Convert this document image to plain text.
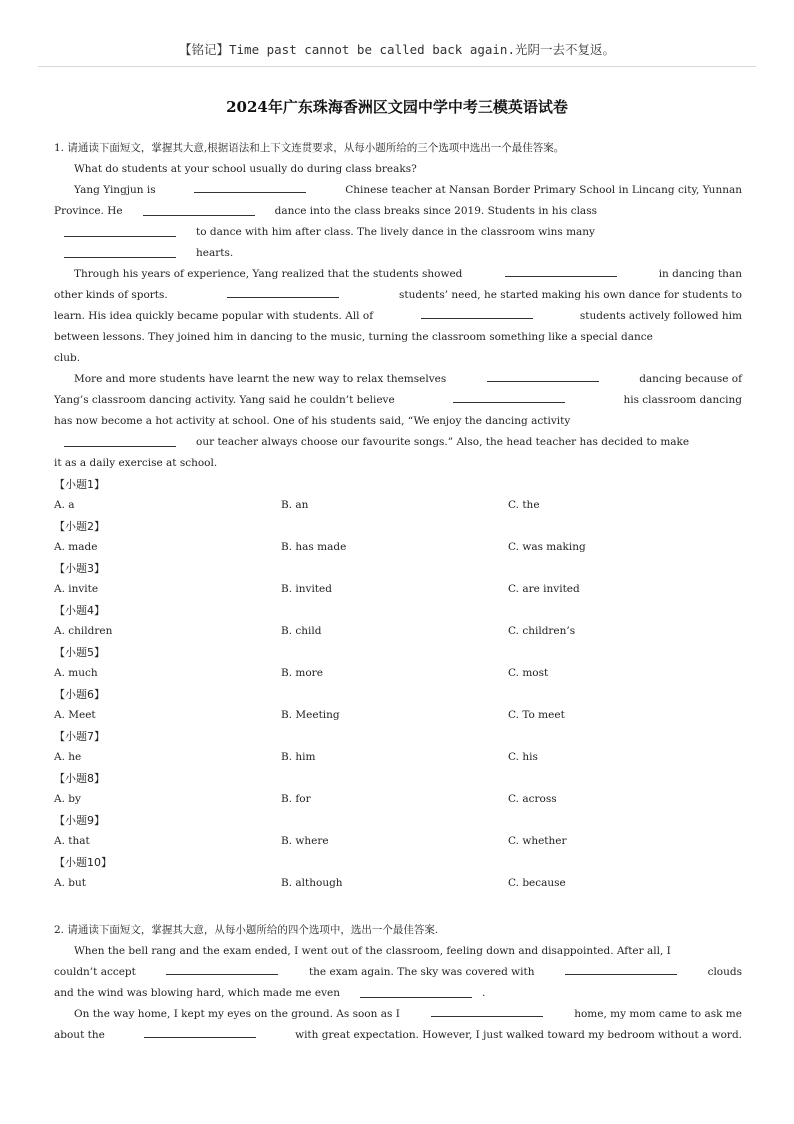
【铭记】Time past cannot be called back again.光阴一去不复返。
2024年广东珠海香洲区文园中学中考三模英语试卷
1. 请通读下面短文，掌握其大意,根据语法和上下文连贯要求，从每小题所给的三个选项中选出一个最佳答案。
What do students at your school usually do during class breaks?
Yang Yingjun is	Chinese teacher at Nansan Border Primary School in Lincang city, Yunnan
Province. He	dance into the class breaks since 2019. Students in his class
to dance with him after class. The lively dance in the classroom wins many
hearts.
Through his years of experience, Yang realized that the students showed	in dancing than
other kinds of sports.	students’ need, he started making his own dance for students to
learn. His idea quickly became popular with students. All of	students actively followed him
between lessons. They joined him in dancing to the music, turning the classroom something like a special dance
club.
More and more students have learnt the new way to relax themselves	dancing because of
Yang’s classroom dancing activity. Yang said he couldn’t believe	his classroom dancing
has now become a hot activity at school. One of his students said, “We enjoy the dancing activity
our teacher always choose our favourite songs.” Also, the head teacher has decided to make
it as a daily exercise at school.
【小题1】
A. a	B. an	C. the
【小题2】
A. made	B. has made	C. was making
【小题3】
A. invite	B. invited	C. are invited
【小题4】
A. children	B. child	C. children’s
【小题5】
A. much	B. more	C. most
【小题6】
A. Meet	B. Meeting	C. To meet
【小题7】
A. he	B. him	C. his
【小题8】
A. by	B. for	C. across
【小题9】
A. that	B. where	C. whether
【小题10】
A. but	B. although	C. because
2. 请通读下面短文，掌握其大意，从每小题所给的四个选项中，选出一个最佳答案.
When the bell rang and the exam ended, I went out of the classroom, feeling down and disappointed. After all, I
couldn’t accept	the exam again. The sky was covered with	clouds
and the wind was blowing hard, which made me even	.
On the way home, I kept my eyes on the ground. As soon as I	home, my mom came to ask me
about the	with great expectation. However, I just walked toward my bedroom without a word.
